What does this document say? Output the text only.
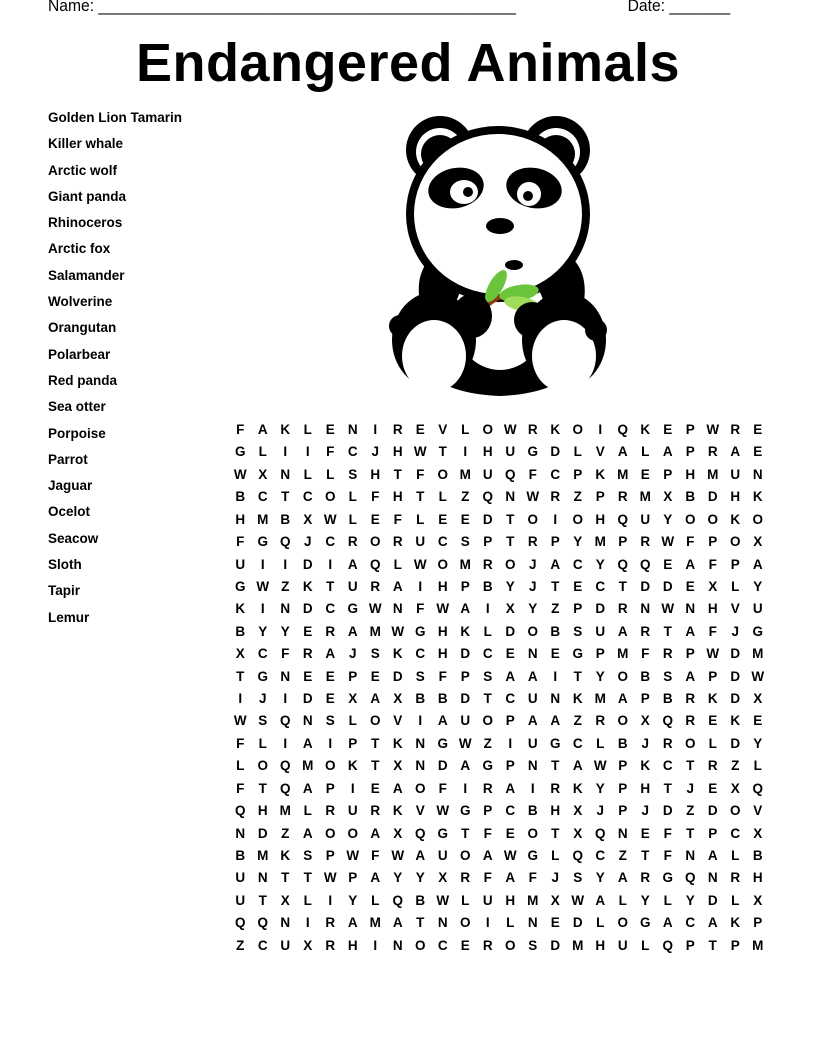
Name: ________________________________________________	Date: _______
Endangered Animals
Golden Lion Tamarin
Killer whale
Arctic wolf
Giant panda
Rhinoceros
Arctic fox
Salamander
Wolverine
Orangutan
Polarbear
Red panda
Sea otter
Porpoise
Parrot
Jaguar
Ocelot
Seacow
Sloth
Tapir
Lemur
F	A K	L	E N	I	R E V	L O W R K O	I	Q K E P W R E
G L	I	I	F	C	J	H W T	I	H U G D	L	V A	L	A P R A E
W X N	L	L	S H	T	F O M U Q F	C P K M E P H M U N
B C	T	C O L	F	H	T	L	Z Q N W R	Z	P R M X B D H K
H M B X W L	E	F	L	E E D	T O	I	O H Q U Y O O K O
F G Q J	C R O R U C S P	T	R P Y M P R W F	P O X
U	I	I	D	I	A Q L W O M R O J	A C Y Q Q E A	F	P A
G W Z	K	T	U R A	I	H P B Y	J	T	E C	T	D D E X	L	Y
K	I	N D C G W N	F W A	I	X Y	Z	P D R N W N H V U
B Y Y E R A M W G H K	L	D O B S U A R	T	A	F	J G
X C	F	R A	J	S K C H D C E N E G P M F	R P W D M
T G N E E P E D S	F	P S A A	I	T	Y O B S A P D W
I	J	I	D E X A X B B D	T	C U N K M A P B R K D X
W S Q N S	L O V	I	A U O P A A	Z	R O X Q R E K E
F	L	I	A	I	P	T	K N G W Z	I	U G C	L	B	J	R O L	D Y
L O Q M O K	T	X N D A G P N	T	A W P K C	T	R	Z	L
F	T Q A P	I	E A O F	I	R A	I	R K Y P H	T	J	E X Q
Q H M L	R U R K V W G P C B H X	J	P	J	D	Z	D O V
N D	Z	A O O A X Q G T	F	E O T	X Q N E	F	T	P C X
B M K S P W F W A U O A W G L Q C	Z	T	F	N A	L	B
U N	T	T W P A Y Y X R	F	A	F	J	S Y A R G Q N R H
U	T	X	L	I	Y	L Q B W L	U H M X W A	L	Y	L	Y D	L	X
Q Q N	I	R A M A	T	N O	I	L	N E D	L O G A C A K P
Z	C U X R H	I	N O C E R O S D M H U	L Q P	T	P M
